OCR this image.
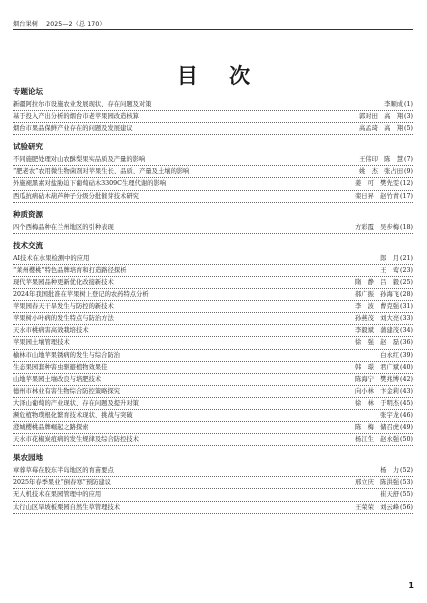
烟台果树 2025—2（总 170）
目 次
专题论坛
新疆阿拉尔市设施农业发展现状、存在问题及对策	李顺成 ( 1 )
基于投入产出分析的烟台市老苹果园改造核算	郭对田　高　翔 ( 3 )
烟台市果品保鲜产业存在的问题及发展建议	高孟琦　高　翔 ( 5 )
试验研究
不同施肥处理对山农酥梨果实品质及产量的影响	王伟印　陈　慧 ( 7 )
“肥老农”农用微生物菌剂对苹果生长、品质、产量及土壤的影响	姚　杰　张占田 ( 9 )
外施褪黑素对盐胁迫下葡萄砧木3309C生理代谢的影响	姜　可　樊先雯 ( 12 )
西瓜抗病砧木葫芦种子分级分批催芽技术研究	栾日昇　赵竹青 ( 17 )
种质资源
四个西梅品种在兰州地区的引种表现	方彩霞　吴步梅 ( 18 )
技术交流
AI技术在水果检测中的应用	郎　月 ( 21 )
“莱州樱桃”特色品牌培育和打造路径探析	王　莺 ( 23 )
现代苹果园品种更新优化改接新技术	隋　静　吕　毅 ( 25 )
2024年我国批准在苹果树上登记的农药特点分析	郝广振　孙海飞 ( 28 )
苹果园春天干旱发生与防控的新技术	李　波　曹克强 ( 31 )
苹果树小叶病的发生特点与防治方法	孙燕茂　刘大亮 ( 33 )
天水市桃病害高效栽培技术	李毅斌　蒲建茂 ( 34 )
苹果园土壤管理技术	徐　强　赵　磊 ( 36 )
榆林市山地苹果锈病的发生与综合防治	白永红 ( 39 )
生态果园套种害虫驱避植物效果佳	韩　璟　君广斌 ( 40 )
山地苹果园土壤改良与培肥技术	陈海宁　樊兆博 ( 42 )
德州市林业有害生物综合防控策略探究	向小林　卞金莉 ( 43 )
大泽山葡萄的产业现状、存在问题及提升对策	徐　林　于明杰 ( 45 )
濒危植物璞根化繁育技术现状、挑战与突破	张宇龙 ( 46 )
澄城樱桃品牌崛起之路探索	陈　梅　储召虎 ( 49 )
天水市花椒炭疽病的发生规律及综合防控技术	杨江生　赵永强 ( 50 )
果农园地
章蓉草莓在胶东半岛地区的育苗要点	杨　力 ( 52 )
2025年春季果业“倒春寒”预防建议	邢立庆　陈洪强 ( 53 )
无人机技术在果园管理中的应用	崔天舒 ( 55 )
太行山区旱坡板栗园自然生草管理技术	王荣荣　刘云峰 ( 56 )
1
